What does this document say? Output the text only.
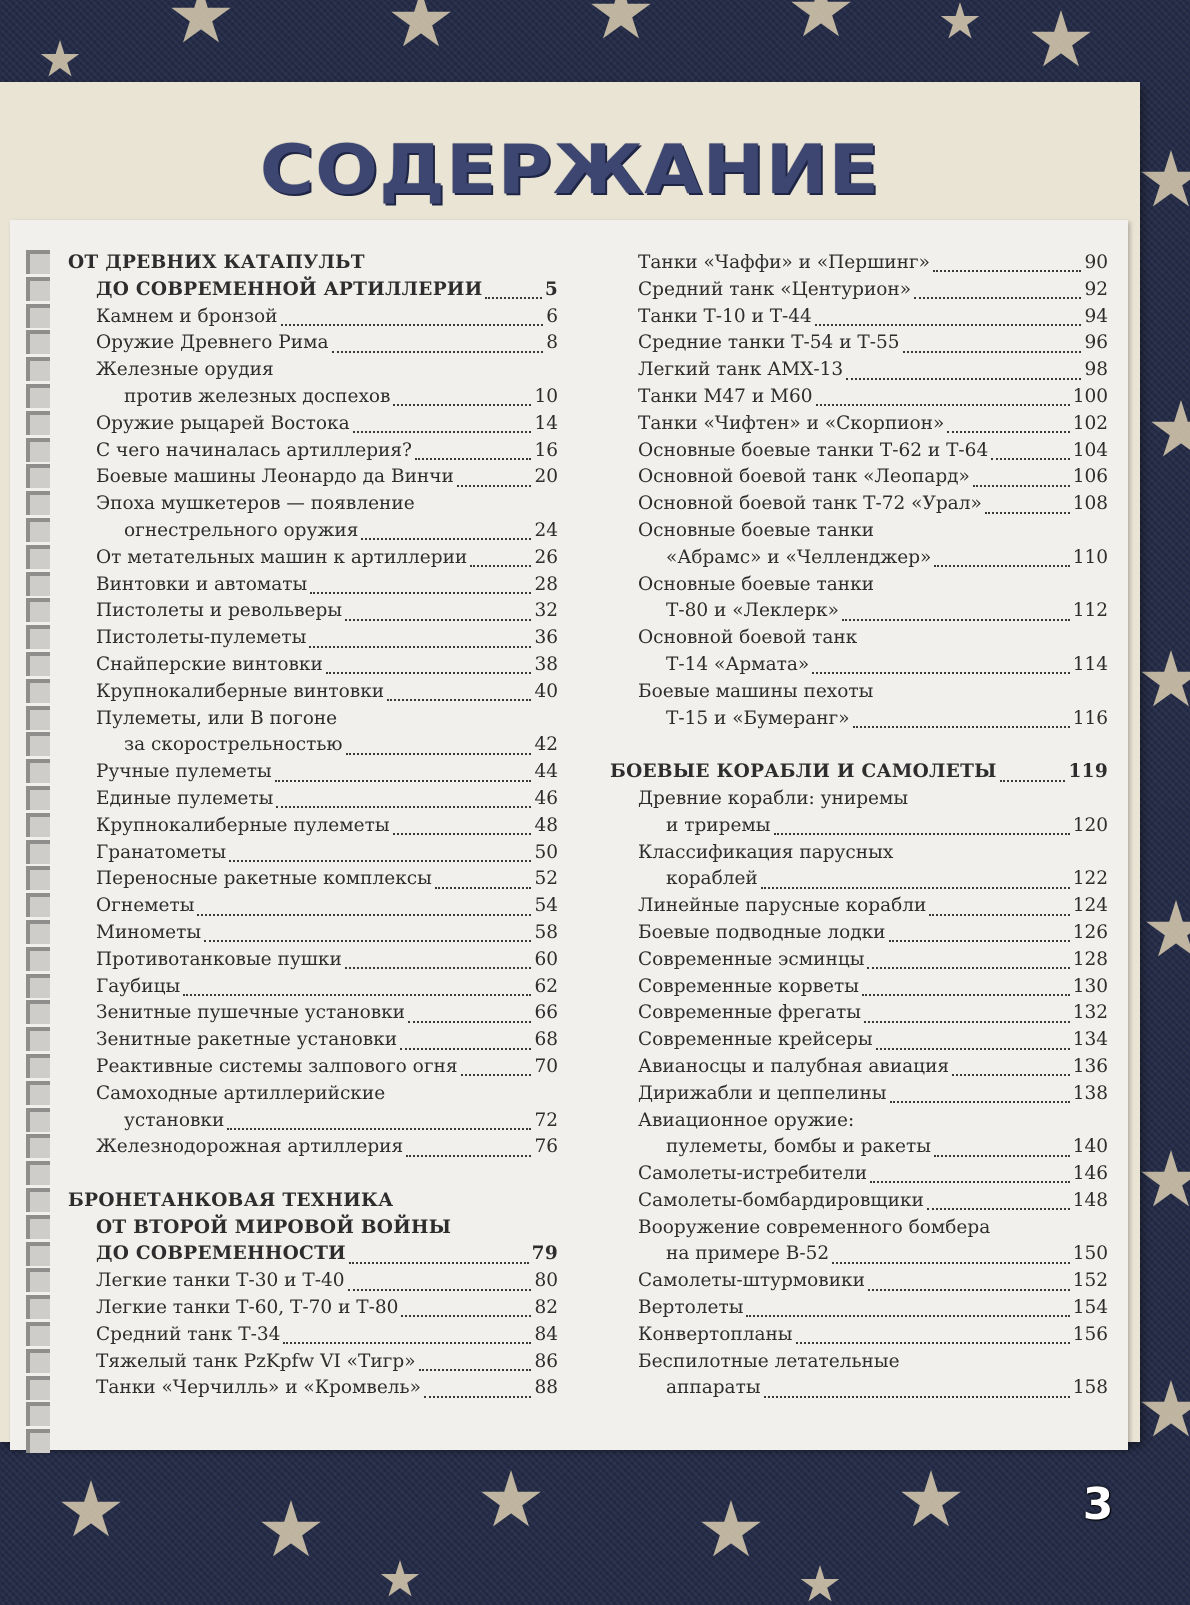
СОДЕРЖАНИЕ
ОТ ДРЕВНИХ КАТАПУЛЬТ
ДО СОВРЕМЕННОЙ АРТИЛЛЕРИИ	5
Камнем и бронзой	6
Оружие Древнего Рима	8
Железные орудия
против железных доспехов	10
Оружие рыцарей Востока	14
С чего начиналась артиллерия?	16
Боевые машины Леонардо да Винчи	20
Эпоха мушкетеров — появление
огнестрельного оружия	24
От метательных машин к артиллерии	26
Винтовки и автоматы	28
Пистолеты и револьверы	32
Пистолеты-пулеметы	36
Снайперские винтовки	38
Крупнокалиберные винтовки	40
Пулеметы, или В погоне
за скорострельностью	42
Ручные пулеметы	44
Единые пулеметы	46
Крупнокалиберные пулеметы	48
Гранатометы	50
Переносные ракетные комплексы	52
Огнеметы	54
Минометы	58
Противотанковые пушки	60
Гаубицы	62
Зенитные пушечные установки	66
Зенитные ракетные установки	68
Реактивные системы залпового огня	70
Самоходные артиллерийские
установки	72
Железнодорожная артиллерия	76
БРОНЕТАНКОВАЯ ТЕХНИКА
ОТ ВТОРОЙ МИРОВОЙ ВОЙНЫ
ДО СОВРЕМЕННОСТИ	79
Легкие танки Т-30 и Т-40	80
Легкие танки Т-60, Т-70 и Т-80	82
Средний танк Т-34	84
Тяжелый танк PzKpfw VI «Тигр»	86
Танки «Черчилль» и «Кромвель»	88
Танки «Чаффи» и «Першинг»	90
Средний танк «Центурион»	92
Танки Т-10 и Т-44	94
Средние танки Т-54 и Т-55	96
Легкий танк АМХ-13	98
Танки М47 и М60	100
Танки «Чифтен» и «Скорпион»	102
Основные боевые танки Т-62 и Т-64	104
Основной боевой танк «Леопард»	106
Основной боевой танк Т-72 «Урал»	108
Основные боевые танки
«Абрамс» и «Челленджер»	110
Основные боевые танки
Т-80 и «Леклерк»	112
Основной боевой танк
Т-14 «Армата»	114
Боевые машины пехоты
Т-15 и «Бумеранг»	116
БОЕВЫЕ КОРАБЛИ И САМОЛЕТЫ	119
Древние корабли: униремы
и триремы	120
Классификация парусных
кораблей	122
Линейные парусные корабли	124
Боевые подводные лодки	126
Современные эсминцы	128
Современные корветы	130
Современные фрегаты	132
Современные крейсеры	134
Авианосцы и палубная авиация	136
Дирижабли и цеппелины	138
Авиационное оружие:
пулеметы, бомбы и ракеты	140
Самолеты-истребители	146
Самолеты-бомбардировщики	148
Вооружение современного бомбера
на примере В-52	150
Самолеты-штурмовики	152
Вертолеты	154
Конвертопланы	156
Беспилотные летательные
аппараты	158
3
